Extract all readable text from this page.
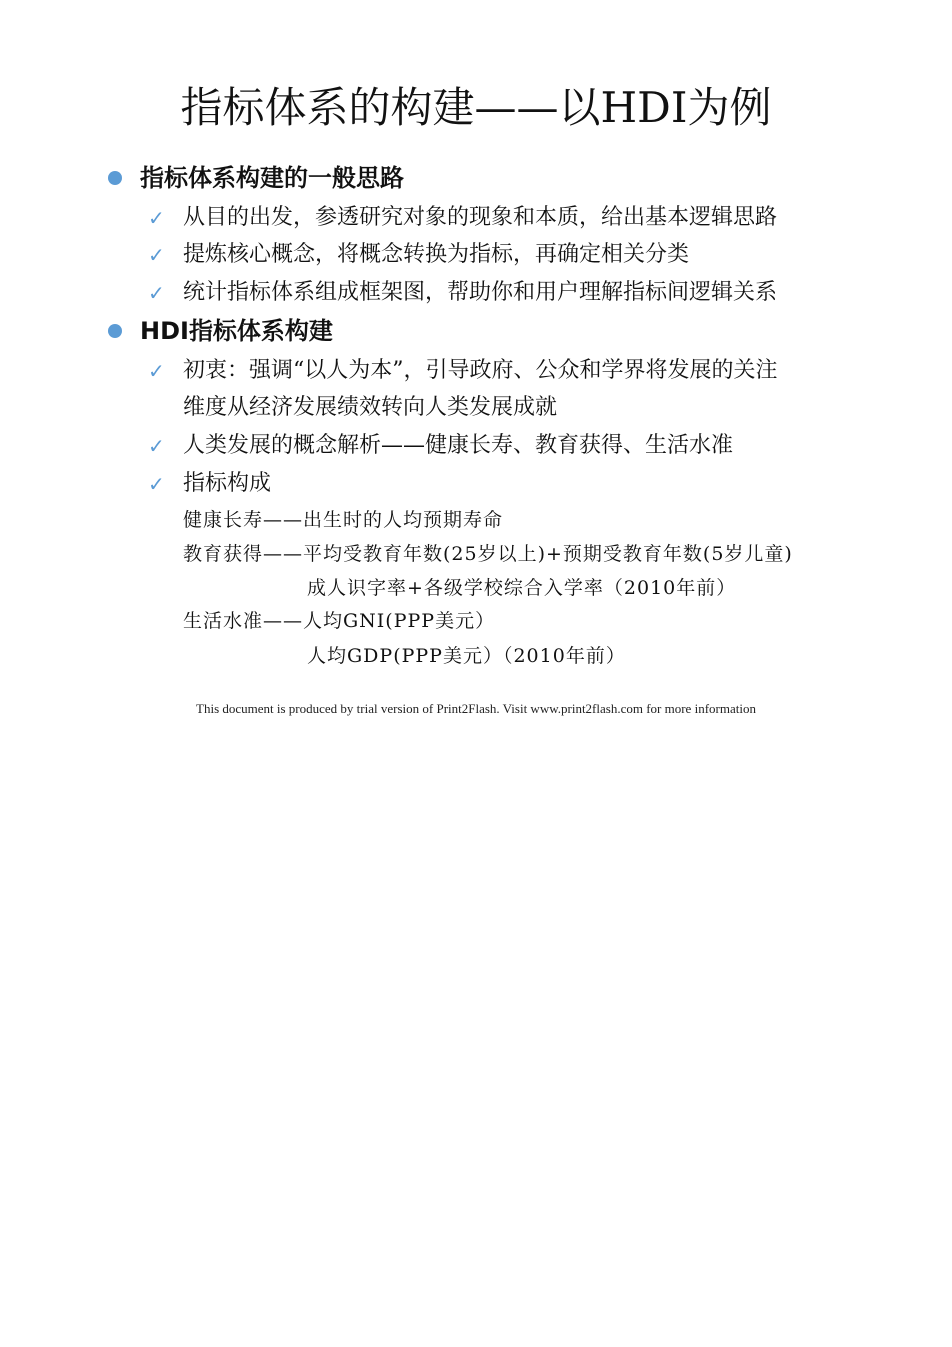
指标体系的构建——以HDI为例
指标体系构建的一般思路
✓ 从目的出发，参透研究对象的现象和本质，给出基本逻辑思路
✓ 提炼核心概念，将概念转换为指标，再确定相关分类
✓ 统计指标体系组成框架图，帮助你和用户理解指标间逻辑关系
HDI指标体系构建
✓ 初衷：强调“以人为本”，引导政府、公众和学界将发展的关注
维度从经济发展绩效转向人类发展成就
✓ 人类发展的概念解析——健康长寿、教育获得、生活水准
✓ 指标构成
健康长寿——出生时的人均预期寿命
教育获得——平均受教育年数(25岁以上)+预期受教育年数(5岁儿童)
成人识字率+各级学校综合入学率（2010年前）
生活水准——人均GNI(PPP美元）
人均GDP(PPP美元）（2010年前）
This document is produced by trial version of Print2Flash. Visit www.print2flash.com for more information
